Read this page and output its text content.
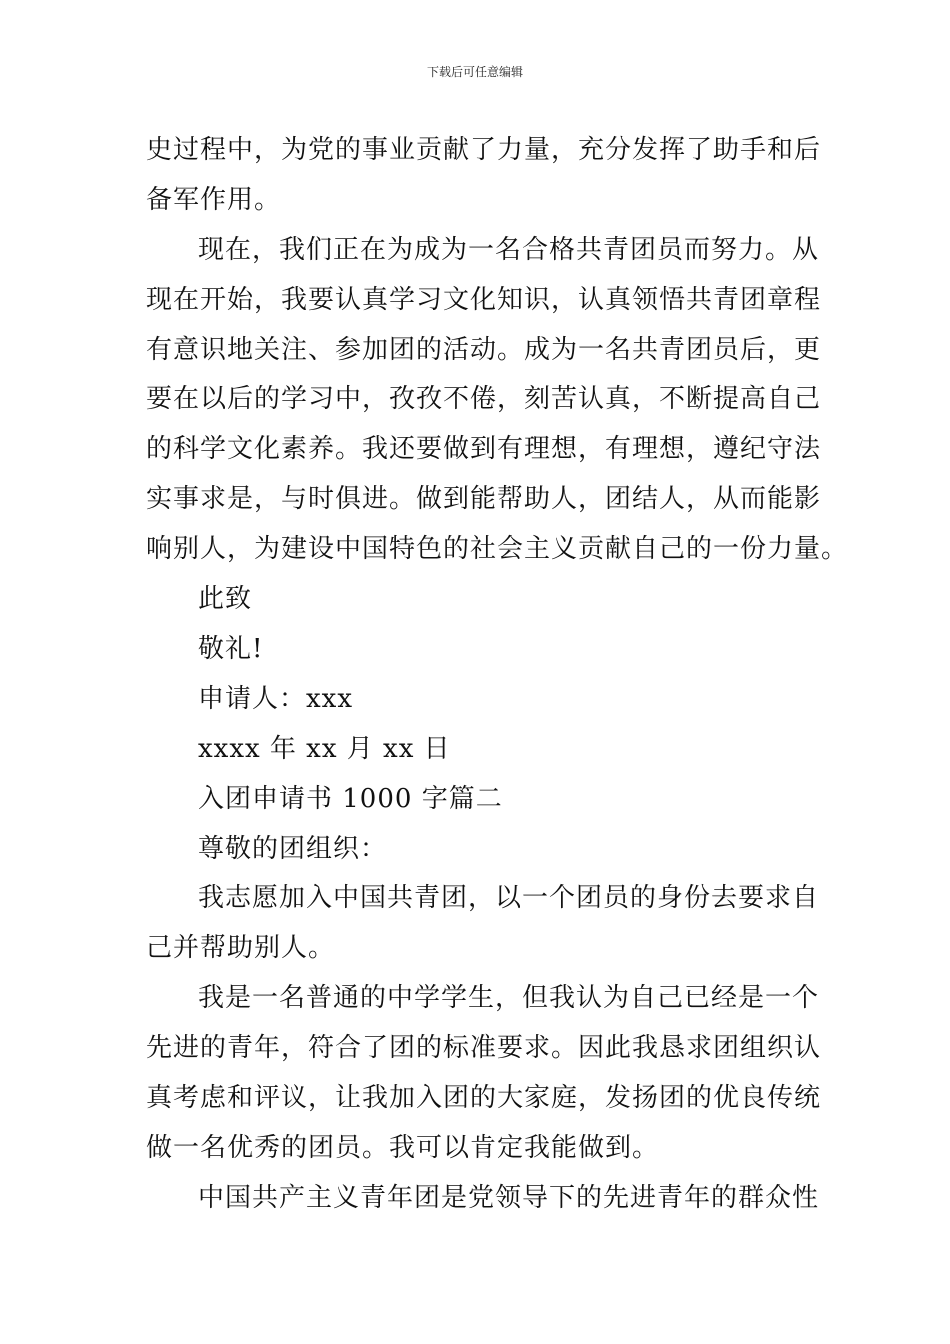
下载后可任意编辑
史过程中，为党的事业贡献了力量，充分发挥了助手和后
备军作用。
现在，我们正在为成为一名合格共青团员而努力。从
现在开始，我要认真学习文化知识，认真领悟共青团章程
有意识地关注、参加团的活动。成为一名共青团员后，更
要在以后的学习中，孜孜不倦，刻苦认真，不断提高自己
的科学文化素养。我还要做到有理想，有理想，遵纪守法
实事求是，与时俱进。做到能帮助人，团结人，从而能影
响别人，为建设中国特色的社会主义贡献自己的一份力量。
此致
敬礼!
申请人：xxx
xxxx 年 xx 月 xx 日
入团申请书 1000 字篇二
尊敬的团组织：
我志愿加入中国共青团，以一个团员的身份去要求自
己并帮助别人。
我是一名普通的中学学生，但我认为自己已经是一个
先进的青年，符合了团的标准要求。因此我恳求团组织认
真考虑和评议，让我加入团的大家庭，发扬团的优良传统
做一名优秀的团员。我可以肯定我能做到。
中国共产主义青年团是党领导下的先进青年的群众性
